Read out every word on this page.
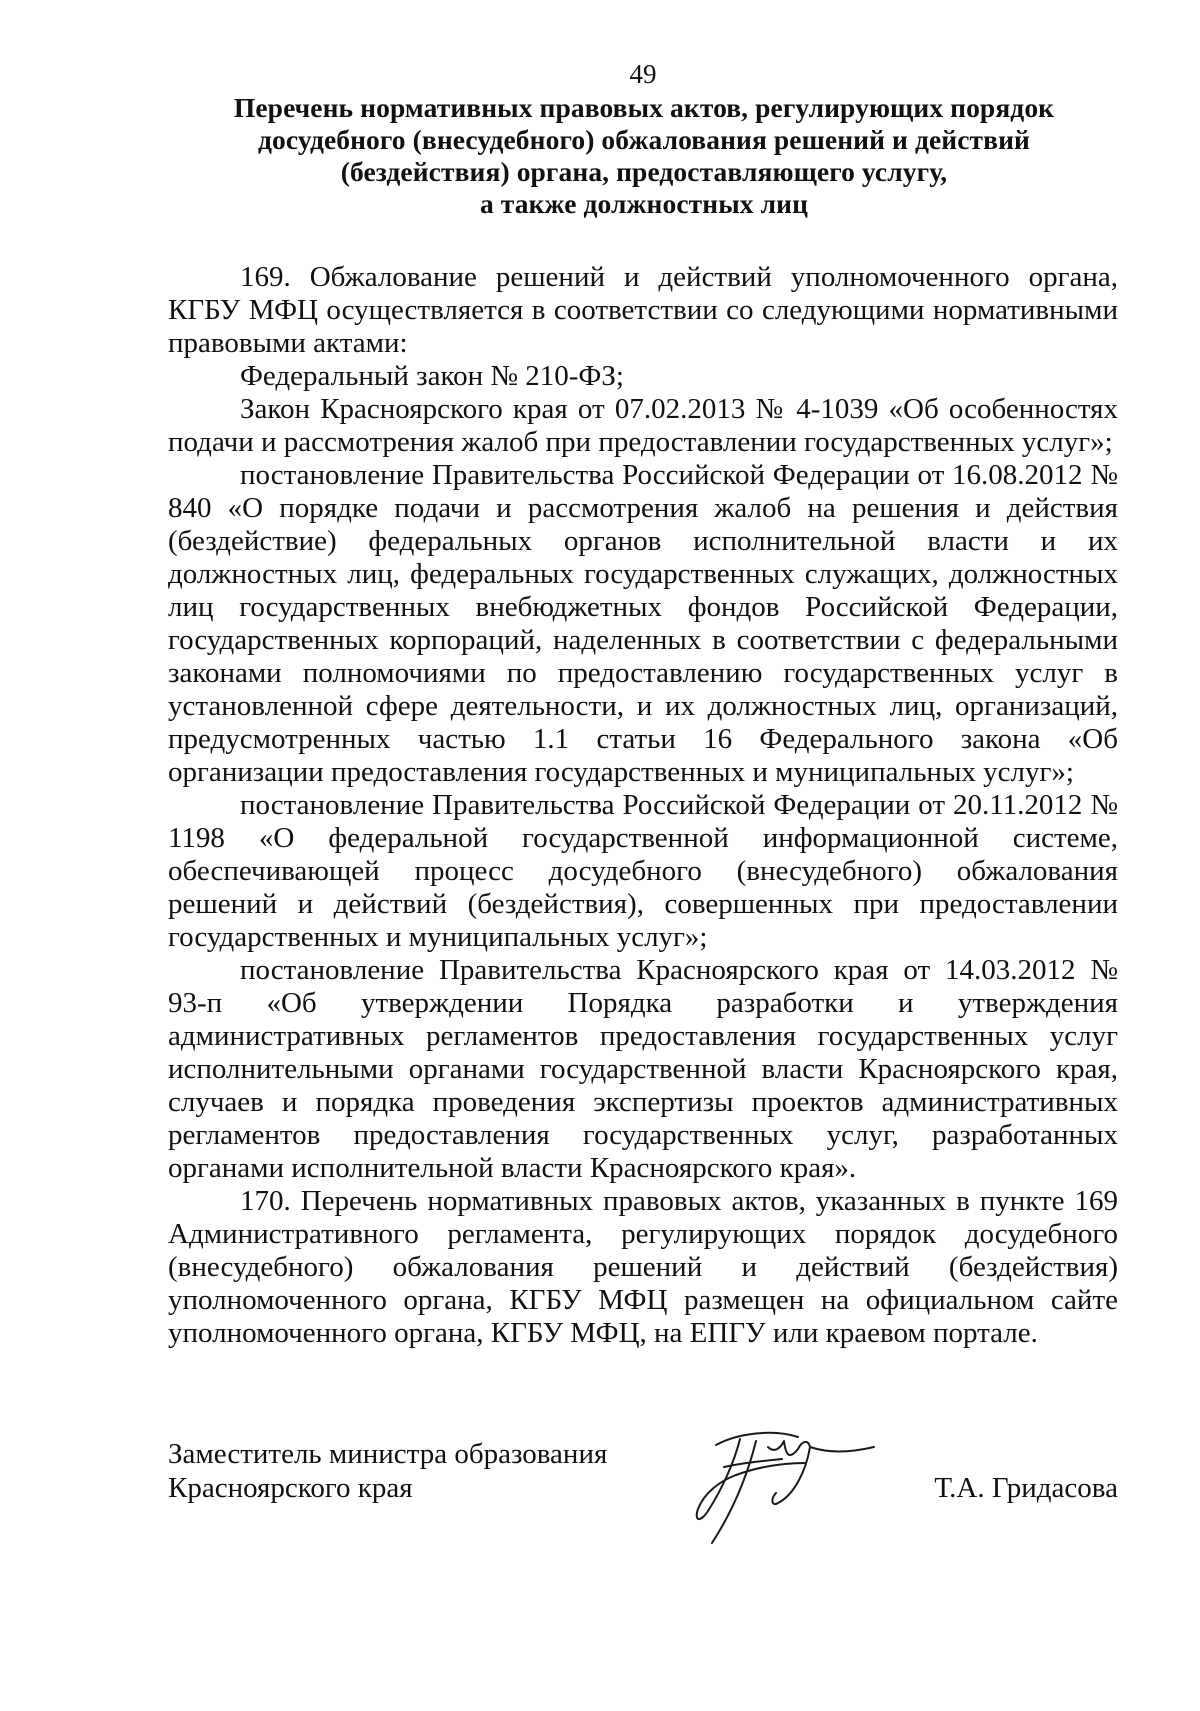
49
Перечень нормативных правовых актов, регулирующих порядок
досудебного (внесудебного) обжалования решений и действий
(бездействия) органа, предоставляющего услугу,
а также должностных лиц

169. Обжалование решений и действий уполномоченного органа, КГБУ МФЦ осуществляется в соответствии со следующими нормативными правовыми актами:

Федеральный закон № 210-ФЗ;

Закон Красноярского края от 07.02.2013 № 4-1039 «Об особенностях подачи и рассмотрения жалоб при предоставлении государственных услуг»;

постановление Правительства Российской Федерации от 16.08.2012 № 840 «О порядке подачи и рассмотрения жалоб на решения и действия (бездействие) федеральных органов исполнительной власти и их должностных лиц, федеральных государственных служащих, должностных лиц государственных внебюджетных фондов Российской Федерации, государственных корпораций, наделенных в соответствии с федеральными законами полномочиями по предоставлению государственных услуг в установленной сфере деятельности, и их должностных лиц, организаций, предусмотренных частью 1.1 статьи 16 Федерального закона «Об организации предоставления государственных и муниципальных услуг»;

постановление Правительства Российской Федерации от 20.11.2012 № 1198 «О федеральной государственной информационной системе, обеспечивающей процесс досудебного (внесудебного) обжалования решений и действий (бездействия), совершенных при предоставлении государственных и муниципальных услуг»;

постановление Правительства Красноярского края от 14.03.2012 № 93-п «Об утверждении Порядка разработки и утверждения административных регламентов предоставления государственных услуг исполнительными органами государственной власти Красноярского края, случаев и порядка проведения экспертизы проектов административных регламентов предоставления государственных услуг, разработанных органами исполнительной власти Красноярского края».

170. Перечень нормативных правовых актов, указанных в пункте 169 Административного регламента, регулирующих порядок досудебного (внесудебного) обжалования решений и действий (бездействия) уполномоченного органа, КГБУ МФЦ размещен на официальном сайте уполномоченного органа, КГБУ МФЦ, на ЕПГУ или краевом портале.

Заместитель министра образования
Красноярского края	Т.А. Гридасова
